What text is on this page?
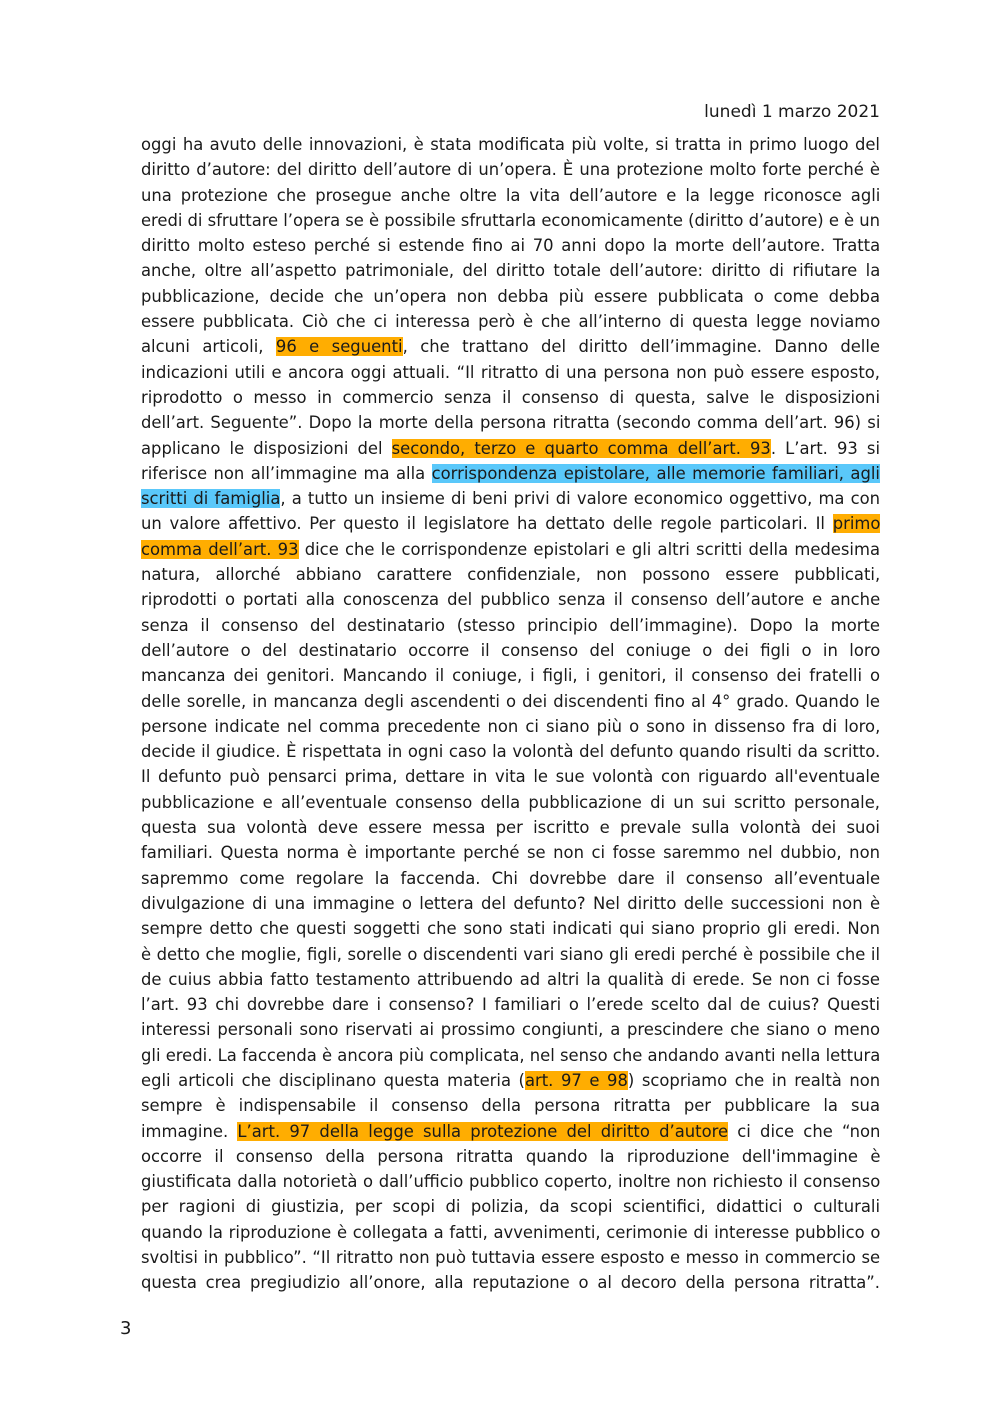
lunedì 1 marzo 2021
oggi ha avuto delle innovazioni, è stata modificata più volte, si tratta in primo luogo del
diritto d’autore: del diritto dell’autore di un’opera. È una protezione molto forte perché è
una protezione che prosegue anche oltre la vita dell’autore e la legge riconosce agli
eredi di sfruttare l’opera se è possibile sfruttarla economicamente (diritto d’autore) e è un
diritto molto esteso perché si estende fino ai 70 anni dopo la morte dell’autore. Tratta
anche, oltre all’aspetto patrimoniale, del diritto totale dell’autore: diritto di rifiutare la
pubblicazione, decide che un’opera non debba più essere pubblicata o come debba
essere pubblicata. Ciò che ci interessa però è che all’interno di questa legge noviamo
alcuni articoli, 96 e seguenti, che trattano del diritto dell’immagine. Danno delle
indicazioni utili e ancora oggi attuali. “Il ritratto di una persona non può essere esposto,
riprodotto o messo in commercio senza il consenso di questa, salve le disposizioni
dell’art. Seguente”. Dopo la morte della persona ritratta (secondo comma dell’art. 96) si
applicano le disposizioni del secondo, terzo e quarto comma dell’art. 93. L’art. 93 si
riferisce non all’immagine ma alla corrispondenza epistolare, alle memorie familiari, agli
scritti di famiglia, a tutto un insieme di beni privi di valore economico oggettivo, ma con
un valore affettivo. Per questo il legislatore ha dettato delle regole particolari. Il primo
comma dell’art. 93 dice che le corrispondenze epistolari e gli altri scritti della medesima
natura, allorché abbiano carattere confidenziale, non possono essere pubblicati,
riprodotti o portati alla conoscenza del pubblico senza il consenso dell’autore e anche
senza il consenso del destinatario (stesso principio dell’immagine). Dopo la morte
dell’autore o del destinatario occorre il consenso del coniuge o dei figli o in loro
mancanza dei genitori. Mancando il coniuge, i figli, i genitori, il consenso dei fratelli o
delle sorelle, in mancanza degli ascendenti o dei discendenti fino al 4° grado. Quando le
persone indicate nel comma precedente non ci siano più o sono in dissenso fra di loro,
decide il giudice. È rispettata in ogni caso la volontà del defunto quando risulti da scritto.
Il defunto può pensarci prima, dettare in vita le sue volontà con riguardo all'eventuale
pubblicazione e all’eventuale consenso della pubblicazione di un sui scritto personale,
questa sua volontà deve essere messa per iscritto e prevale sulla volontà dei suoi
familiari. Questa norma è importante perché se non ci fosse saremmo nel dubbio, non
sapremmo come regolare la faccenda. Chi dovrebbe dare il consenso all’eventuale
divulgazione di una immagine o lettera del defunto? Nel diritto delle successioni non è
sempre detto che questi soggetti che sono stati indicati qui siano proprio gli eredi. Non
è detto che moglie, figli, sorelle o discendenti vari siano gli eredi perché è possibile che il
de cuius abbia fatto testamento attribuendo ad altri la qualità di erede. Se non ci fosse
l’art. 93 chi dovrebbe dare i consenso? I familiari o l’erede scelto dal de cuius? Questi
interessi personali sono riservati ai prossimo congiunti, a prescindere che siano o meno
gli eredi. La faccenda è ancora più complicata, nel senso che andando avanti nella lettura
egli articoli che disciplinano questa materia (art. 97 e 98) scopriamo che in realtà non
sempre è indispensabile il consenso della persona ritratta per pubblicare la sua
immagine. L’art. 97 della legge sulla protezione del diritto d’autore ci dice che “non
occorre il consenso della persona ritratta quando la riproduzione dell'immagine è
giustificata dalla notorietà o dall’ufficio pubblico coperto, inoltre non richiesto il consenso
per ragioni di giustizia, per scopi di polizia, da scopi scientifici, didattici o culturali
quando la riproduzione è collegata a fatti, avvenimenti, cerimonie di interesse pubblico o
svoltisi in pubblico”. “Il ritratto non può tuttavia essere esposto e messo in commercio se
questa crea pregiudizio all’onore, alla reputazione o al decoro della persona ritratta”.
3
